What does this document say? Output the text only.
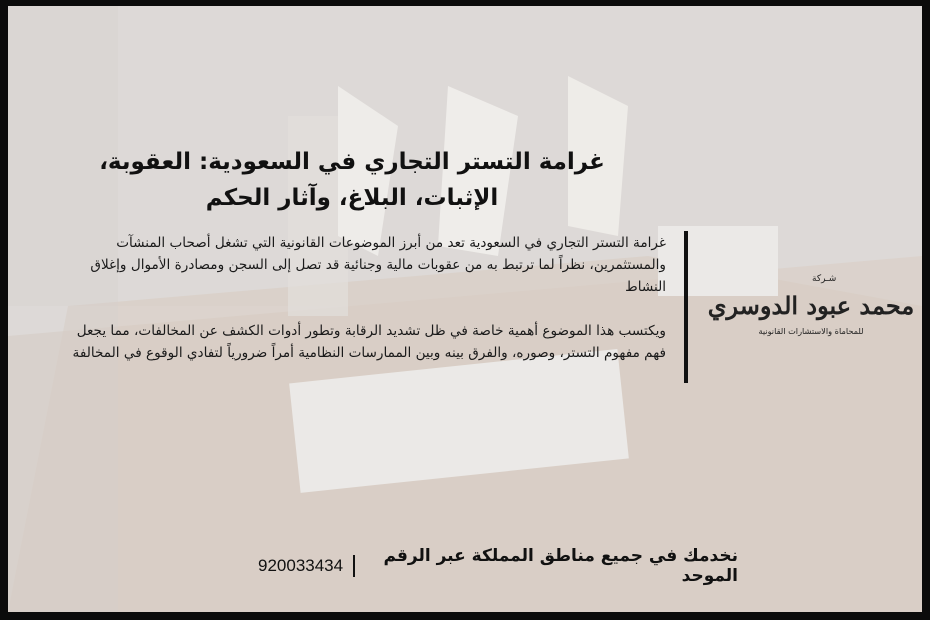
غرامة التستر التجاري في السعودية: العقوبة، الإثبات، البلاغ، وآثار الحكم

غرامة التستر التجاري في السعودية تعد من أبرز الموضوعات القانونية التي تشغل أصحاب المنشآت والمستثمرين، نظراً لما ترتبط به من عقوبات مالية وجنائية قد تصل إلى السجن ومصادرة الأموال وإغلاق النشاط

ويكتسب هذا الموضوع أهمية خاصة في ظل تشديد الرقابة وتطور أدوات الكشف عن المخالفات، مما يجعل فهم مفهوم التستر، وصوره، والفرق بينه وبين الممارسات النظامية أمراً ضرورياً لتفادي الوقوع في المخالفة

شـركة
محمد عبود الدوسري
للمحاماة والاستشارات القانونية
نخدمك في جميع مناطق المملكة عبر الرقم الموحد
920033434
